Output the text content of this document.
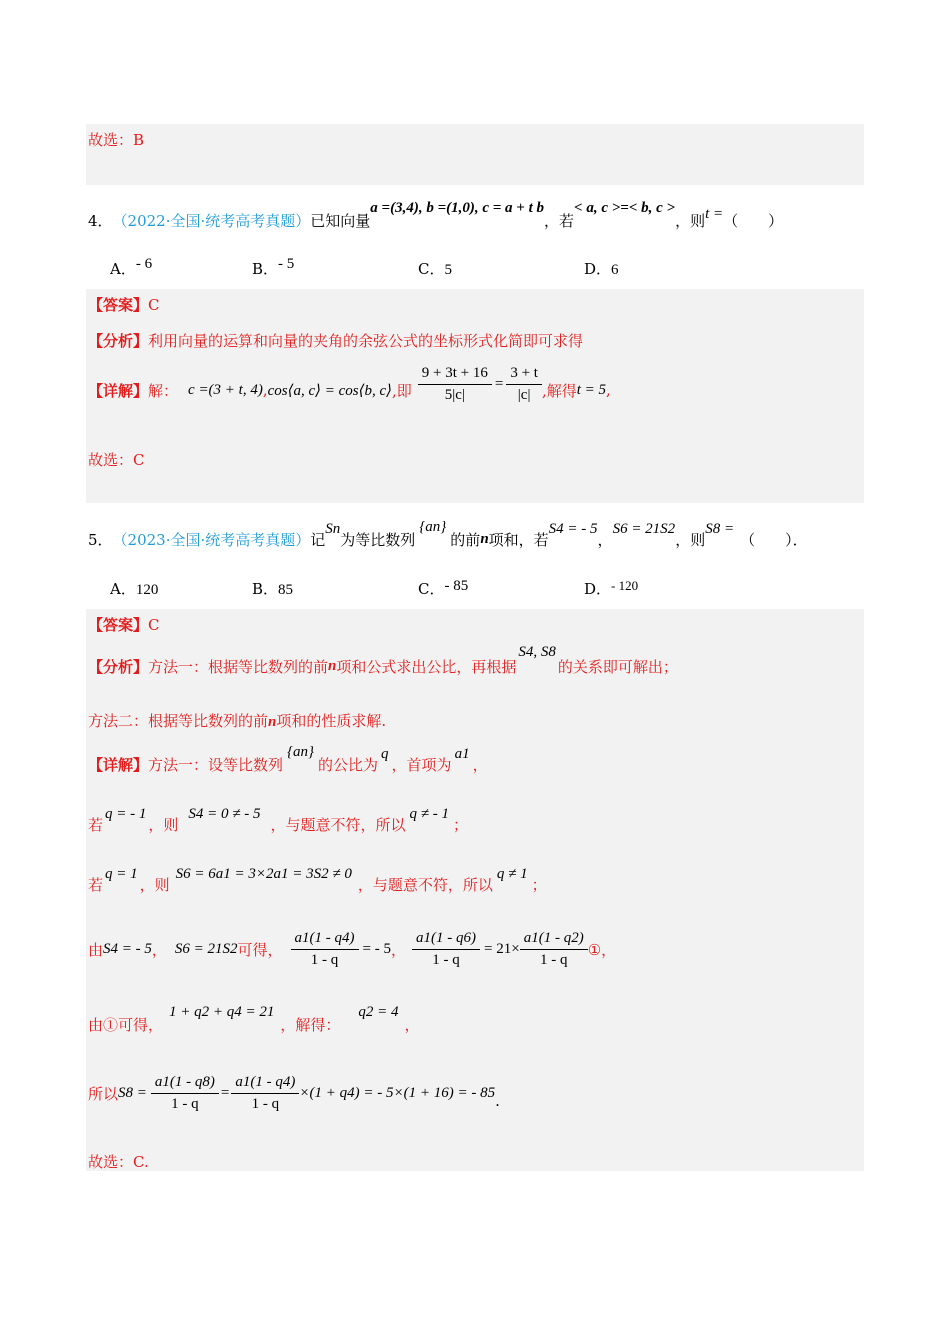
故选：B
4． （2022·全国·统考高考真题） 已知向量
a =(3,4), b =(1,0), c = a + t b
，若
< a, c >=< b, c >
，则 t = （　　）
A．- 6	B．- 5	C．5	D．6
【答案】C
【分析】利用向量的运算和向量的夹角的余弦公式的坐标形式化简即可求得
【详解】 解： c =(3 + t, 4) , cos⟨a, c⟩ = cos⟨b, c⟩ ,即 $\frac{9 + 3t + 16}{5|c|} = \frac{3 + t}{|c|}$ ,解得 t = 5 ,
故选：C
5． （2023·全国·统考高考真题） 记
Sn
为等比数列
{an}
的前 n 项和，若
S4 = - 5
，
S6 = 21S2
，则
S8 =
（　　）．
A．120	B．85	C．- 85	D．- 120
【答案】C
【分析】 方法一：根据等比数列的前 n 项和公式求出公比，再根据
S4, S8
的关系即可解出；
方法二：根据等比数列的前n项和的性质求解.
【详解】 方法一：设等比数列
{an}
的公比为
q
，首项为
a1
，
若
q = - 1
，则
S4 = 0 ≠ - 5
，与题意不符，所以
q ≠ - 1
；
若
q = 1
，则
S6 = 6a1 = 3×2a1 = 3S2 ≠ 0
，与题意不符，所以
q ≠ 1
；
由 S4 = - 5 ， S6 = 21S2 可得， $\frac{a1(1 - q4)}{1 - q}$ = - 5 ， $\frac{a1(1 - q6)}{1 - q} = 21\times \frac{a1(1 - q2)}{1 - q}$ ①，
由①可得，
1 + q2 + q4 = 21
，解得：
q2 = 4
，
所以 $S8 = \frac{a1(1 - q8)}{1 - q} = \frac{a1(1 - q4)}{1 - q} \times(1 + q4)$ = - 5×(1 + 16) = - 85 .
故选：C.
